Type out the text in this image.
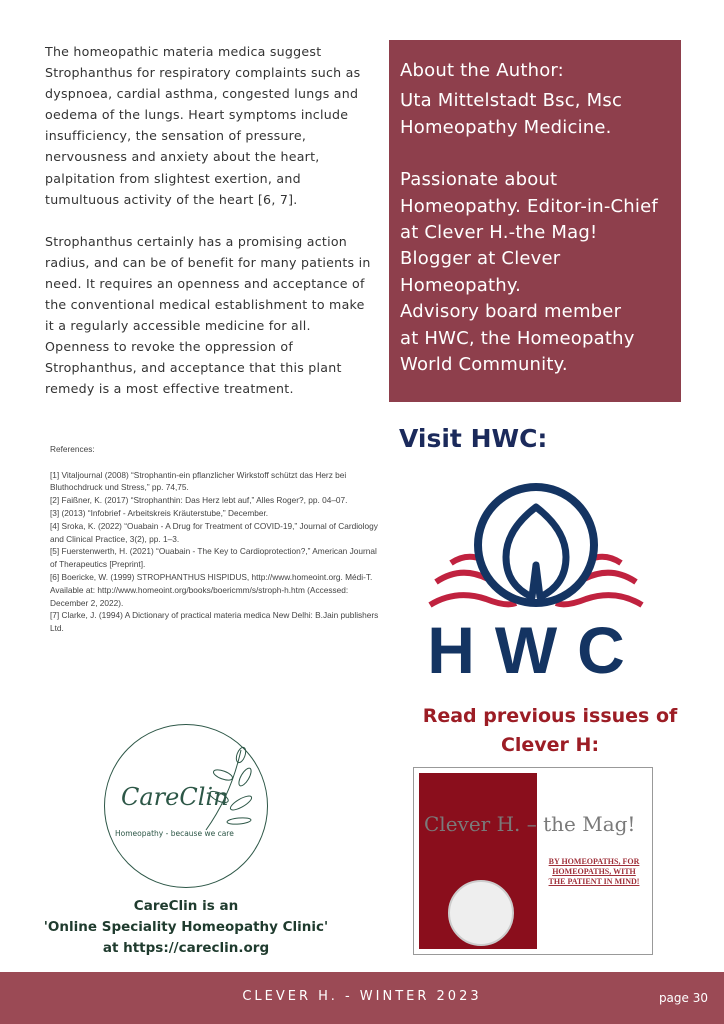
The homeopathic materia medica suggest Strophanthus for respiratory complaints such as dyspnoea, cardial asthma, congested lungs and oedema of the lungs. Heart symptoms include insufficiency, the sensation of pressure, nervousness and anxiety about the heart, palpitation from slightest exertion, and tumultuous activity of the heart [6, 7].

Strophanthus certainly has a promising action radius, and can be of benefit for many patients in need. It requires an openness and acceptance of the conventional medical establishment to make it a regularly accessible medicine for all. Openness to revoke the oppression of Strophanthus, and acceptance that this plant remedy is a most effective treatment.

About the Author:

Uta Mittelstadt Bsc, Msc Homeopathy Medicine.

Passionate about Homeopathy. Editor-in-Chief at Clever H.-the Mag!
Blogger at Clever Homeopathy.
Advisory board member
at HWC, the Homeopathy World Community.

References:
[1] Vitaljournal (2008) “Strophantin-ein pflanzlicher Wirkstoff schützt das Herz bei Bluthochdruck und Stress,” pp. 74,75.
[2] Faißner, K. (2017) “Strophanthin: Das Herz lebt auf,” Alles Roger?, pp. 04–07.
[3] (2013) “Infobrief - Arbeitskreis Kräuterstube,” December.
[4] Sroka, K. (2022) “Ouabain - A Drug for Treatment of COVID-19,” Journal of Cardiology and Clinical Practice, 3(2), pp. 1–3.
[5] Fuerstenwerth, H. (2021) “Ouabain - The Key to Cardioprotection?,” American Journal of Therapeutics [Preprint].
[6] Boericke, W. (1999) STROPHANTHUS HISPIDUS, http://www.homeoint.org. Médi-T. Available at: http://www.homeoint.org/books/boericmm/s/stroph-h.htm (Accessed: December 2, 2022).
[7] Clarke, J. (1994) A Dictionary of practical materia medica New Delhi: B.Jain publishers Ltd.
Visit HWC:
HWC
Read previous issues of Clever H:
Clever H. – the Mag!
BY HOMEOPATHS, FOR HOMEOPATHS, WITH THE PATIENT IN MIND!
CareClin
Homeopathy - because we care
CareClin is an
'Online Speciality Homeopathy Clinic'
at https://careclin.org
CLEVER H. - WINTER 2023	page 30
